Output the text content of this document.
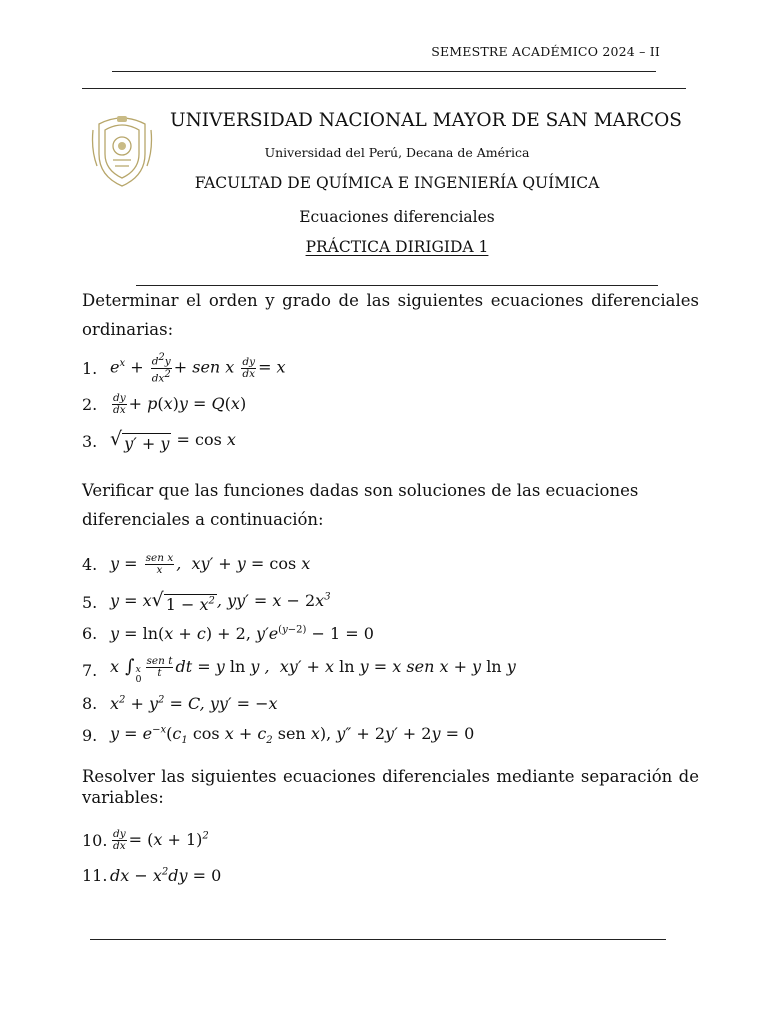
SEMESTRE ACADÉMICO 2024 – II
UNIVERSIDAD NACIONAL MAYOR DE SAN MARCOS
Universidad del Perú, Decana de América
FACULTAD DE QUÍMICA E INGENIERÍA QUÍMICA
Ecuaciones diferenciales
PRÁCTICA DIRIGIDA 1
Determinar el orden y grado de las siguientes ecuaciones diferenciales ordinarias:
1. $e^x + \frac{d^2y}{dx^2}$ + sen x $\frac{dy}{dx} = x$
2.	$\frac{dy}{dx} + p(x)y = Q(x)$
3. √ y′ + y = cos x
Verificar que las funciones dadas son soluciones de las ecuaciones diferenciales a continuación:
4. $y = \frac{\text{sen x}}{x}$ ,  xy′ + y = cos x
5. y = x √ $1 - x^2$ , $yy' = x - 2x^3$
6. y = ln(x + c) + 2, $y'e^{(y-2)} - 1 = 0$
7. x ∫ x
0
$\frac{\text{sen t}}{t}$ dt = y ln y ,  xy′ + x ln y = x sen x + y ln y
8. $x^2 + y^2 = C$, yy′ = −x
9. $y = e^{-x}(c_1$ $\cos x + c_2$ sen x), y″ + 2y′ + 2y = 0
Resolver las siguientes ecuaciones diferenciales mediante separación de variables:
10. $\frac{dy}{dx} = (x + 1)^2$
11. dx − $x^2dy = 0$
